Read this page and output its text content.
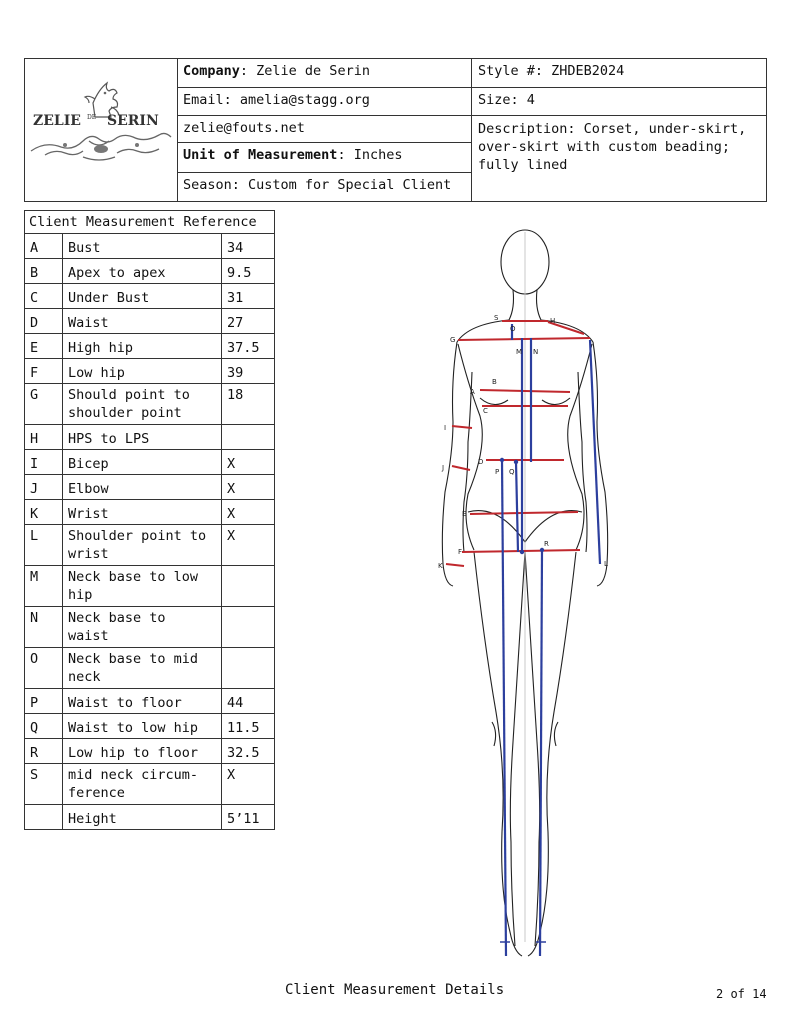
ZELIE DE SERIN
Company: Zelie de Serin
Email: amelia@stagg.org
zelie@fouts.net
Unit of Measurement: Inches
Season: Custom for Special Client
Style #: ZHDEB2024
Size: 4
Description: Corset, under-skirt,
over-skirt with custom beading;
fully lined
Client Measurement Reference		
A	Bust	34
B	Apex to apex	9.5
C	Under Bust	31
D	Waist	27
E	High hip	37.5
F	Low hip	39
G	Should point to
shoulder point	18
H	HPS to LPS	

I	Bicep	X
J	Elbow	X
K	Wrist	X
L	Shoulder point to
wrist	X
M	Neck base to low
hip	

N	Neck base to
waist	

O	Neck base to mid
neck	

P	Waist to floor	44
Q	Waist to low hip	11.5
R	Low hip to floor	32.5
S	mid neck circum-
ference	X

	Height	5’11
S
O
H
G
M N
A
B
C
I
J
D
P Q
E
R
F
K	L
Client Measurement Details	2 of 14
